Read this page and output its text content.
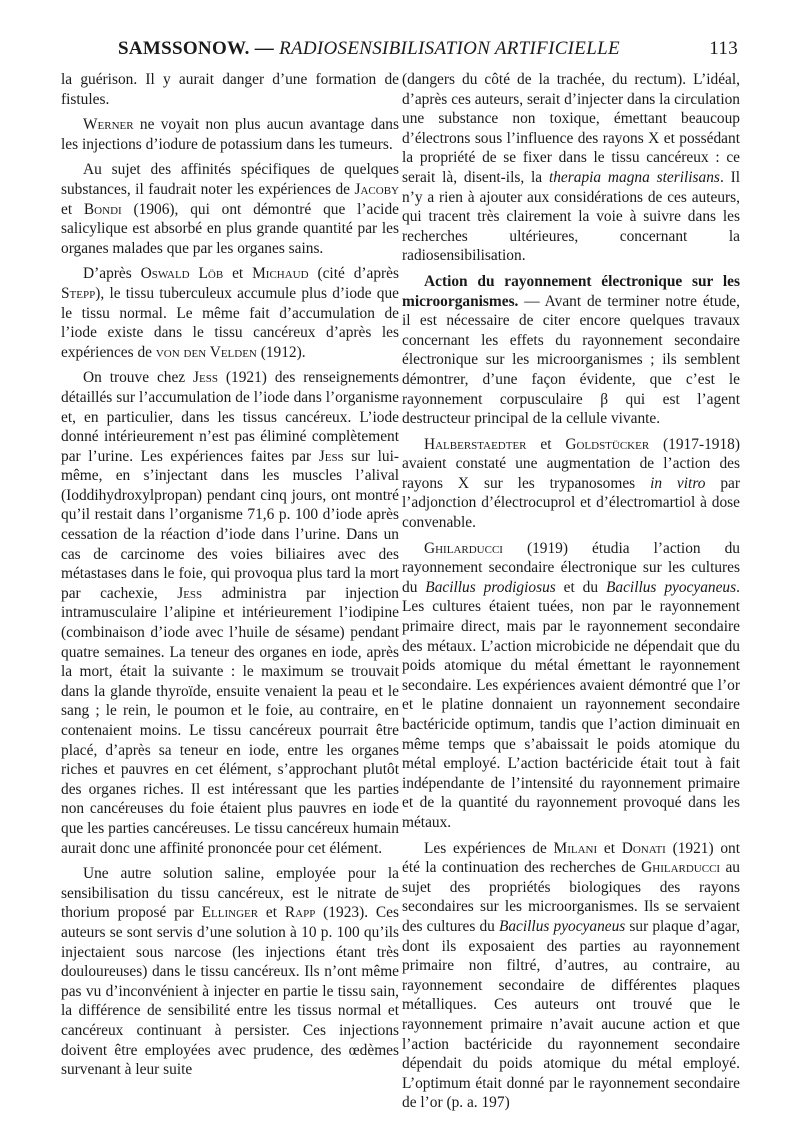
SAMSSONOW. — RADIOSENSIBILISATION ARTIFICIELLE	113

la guérison. Il y aurait danger d’une formation de fistules.

Werner ne voyait non plus aucun avantage dans les injections d’iodure de potassium dans les tumeurs.

Au sujet des affinités spécifiques de quelques substances, il faudrait noter les expériences de Jacoby et Bondi (1906), qui ont démontré que l’acide salicylique est absorbé en plus grande quantité par les organes malades que par les organes sains.

D’après Oswald Löb et Michaud (cité d’après Stepp), le tissu tuberculeux accumule plus d’iode que le tissu normal. Le même fait d’accumulation de l’iode existe dans le tissu cancéreux d’après les expériences de von den Velden (1912).

On trouve chez Jess (1921) des renseignements détaillés sur l’accumulation de l’iode dans l’organisme et, en particulier, dans les tissus cancéreux. L’iode donné intérieurement n’est pas éliminé complètement par l’urine. Les expériences faites par Jess sur lui-même, en s’injectant dans les muscles l’alival (Ioddihydroxylpropan) pendant cinq jours, ont montré qu’il restait dans l’organisme 71,6 p. 100 d’iode après cessation de la réaction d’iode dans l’urine. Dans un cas de carcinome des voies biliaires avec des métastases dans le foie, qui provoqua plus tard la mort par cachexie, Jess administra par injection intramusculaire l’alipine et intérieurement l’iodipine (combinaison d’iode avec l’huile de sésame) pendant quatre semaines. La teneur des organes en iode, après la mort, était la suivante : le maximum se trouvait dans la glande thyroïde, ensuite venaient la peau et le sang ; le rein, le poumon et le foie, au contraire, en contenaient moins. Le tissu cancéreux pourrait être placé, d’après sa teneur en iode, entre les organes riches et pauvres en cet élément, s’approchant plutôt des organes riches. Il est intéressant que les parties non cancéreuses du foie étaient plus pauvres en iode que les parties cancéreuses. Le tissu cancéreux humain aurait donc une affinité prononcée pour cet élément.

Une autre solution saline, employée pour la sensibilisation du tissu cancéreux, est le nitrate de thorium proposé par Ellinger et Rapp (1923). Ces auteurs se sont servis d’une solution à 10 p. 100 qu’ils injectaient sous narcose (les injections étant très douloureuses) dans le tissu cancéreux. Ils n’ont même pas vu d’inconvénient à injecter en partie le tissu sain, la différence de sensibilité entre les tissus normal et cancéreux continuant à persister. Ces injections doivent être employées avec prudence, des œdèmes survenant à leur suite

(dangers du côté de la trachée, du rectum). L’idéal, d’après ces auteurs, serait d’injecter dans la circulation une substance non toxique, émettant beaucoup d’électrons sous l’influence des rayons X et possédant la propriété de se fixer dans le tissu cancéreux : ce serait là, disent-ils, la therapia magna sterilisans. Il n’y a rien à ajouter aux considérations de ces auteurs, qui tracent très clairement la voie à suivre dans les recherches ultérieures, concernant la radiosensibilisation.

Action du rayonnement électronique sur les microorganismes. — Avant de terminer notre étude, il est nécessaire de citer encore quelques travaux concernant les effets du rayonnement secondaire électronique sur les microorganismes ; ils semblent démontrer, d’une façon évidente, que c’est le rayonnement corpusculaire β qui est l’agent destructeur principal de la cellule vivante.

Halberstaedter et Goldstücker (1917-1918) avaient constaté une augmentation de l’action des rayons X sur les trypanosomes in vitro par l’adjonction d’électrocuprol et d’électromartiol à dose convenable.

Ghilarducci (1919) étudia l’action du rayonnement secondaire électronique sur les cultures du Bacillus prodigiosus et du Bacillus pyocyaneus. Les cultures étaient tuées, non par le rayonnement primaire direct, mais par le rayonnement secondaire des métaux. L’action microbicide ne dépendait que du poids atomique du métal émettant le rayonnement secondaire. Les expériences avaient démontré que l’or et le platine donnaient un rayonnement secondaire bactéricide optimum, tandis que l’action diminuait en même temps que s’abaissait le poids atomique du métal employé. L’action bactéricide était tout à fait indépendante de l’intensité du rayonnement primaire et de la quantité du rayonnement provoqué dans les métaux.

Les expériences de Milani et Donati (1921) ont été la continuation des recherches de Ghilarducci au sujet des propriétés biologiques des rayons secondaires sur les microorganismes. Ils se servaient des cultures du Bacillus pyocyaneus sur plaque d’agar, dont ils exposaient des parties au rayonnement primaire non filtré, d’autres, au contraire, au rayonnement secondaire de différentes plaques métalliques. Ces auteurs ont trouvé que le rayonnement primaire n’avait aucune action et que l’action bactéricide du rayonnement secondaire dépendait du poids atomique du métal employé. L’optimum était donné par le rayonnement secondaire de l’or (p. a. 197)
